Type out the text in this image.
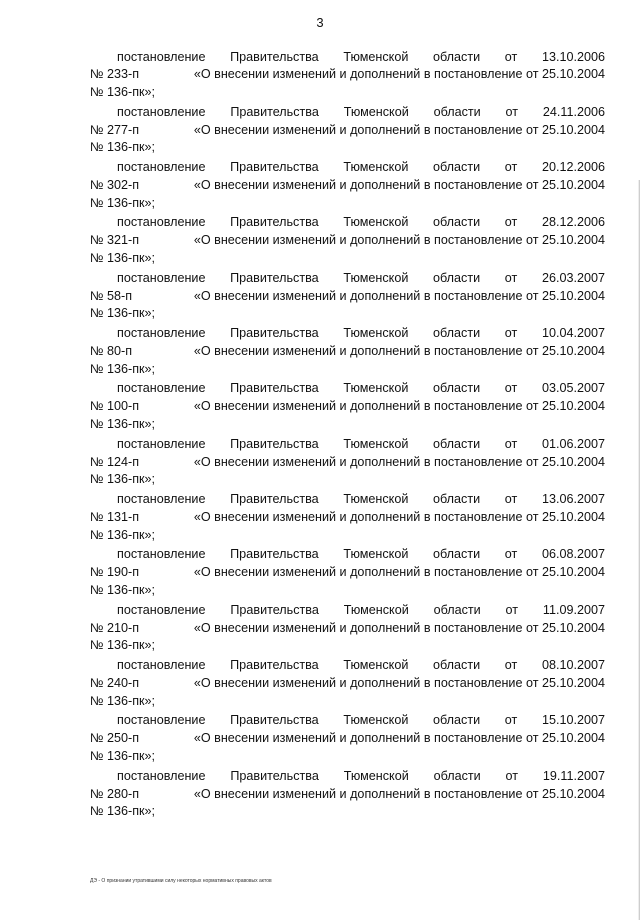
3
постановление Правительства Тюменской области от 13.10.2006
№ 233-п	«О внесении изменений и дополнений в постановление от 25.10.2004
№ 136-пк»;
постановление Правительства Тюменской области от 24.11.2006
№ 277-п	«О внесении изменений и дополнений в постановление от 25.10.2004
№ 136-пк»;
постановление Правительства Тюменской области от 20.12.2006
№ 302-п	«О внесении изменений и дополнений в постановление от 25.10.2004
№ 136-пк»;
постановление Правительства Тюменской области от 28.12.2006
№ 321-п	«О внесении изменений и дополнений в постановление от 25.10.2004
№ 136-пк»;
постановление Правительства Тюменской области от 26.03.2007
№ 58-п	«О внесении изменений и дополнений в постановление от 25.10.2004
№ 136-пк»;
постановление Правительства Тюменской области от 10.04.2007
№ 80-п	«О внесении изменений и дополнений в постановление от 25.10.2004
№ 136-пк»;
постановление Правительства Тюменской области от 03.05.2007
№ 100-п	«О внесении изменений и дополнений в постановление от 25.10.2004
№ 136-пк»;
постановление Правительства Тюменской области от 01.06.2007
№ 124-п	«О внесении изменений и дополнений в постановление от 25.10.2004
№ 136-пк»;
постановление Правительства Тюменской области от 13.06.2007
№ 131-п	«О внесении изменений и дополнений в постановление от 25.10.2004
№ 136-пк»;
постановление Правительства Тюменской области от 06.08.2007
№ 190-п	«О внесении изменений и дополнений в постановление от 25.10.2004
№ 136-пк»;
постановление Правительства Тюменской области от 11.09.2007
№ 210-п	«О внесении изменений и дополнений в постановление от 25.10.2004
№ 136-пк»;
постановление Правительства Тюменской области от 08.10.2007
№ 240-п	«О внесении изменений и дополнений в постановление от 25.10.2004
№ 136-пк»;
постановление Правительства Тюменской области от 15.10.2007
№ 250-п	«О внесении изменений и дополнений в постановление от 25.10.2004
№ 136-пк»;
постановление Правительства Тюменской области от 19.11.2007
№ 280-п	«О внесении изменений и дополнений в постановление от 25.10.2004
№ 136-пк»;
ДЭ - О признании утратившими силу некоторых нормативных правовых актов
